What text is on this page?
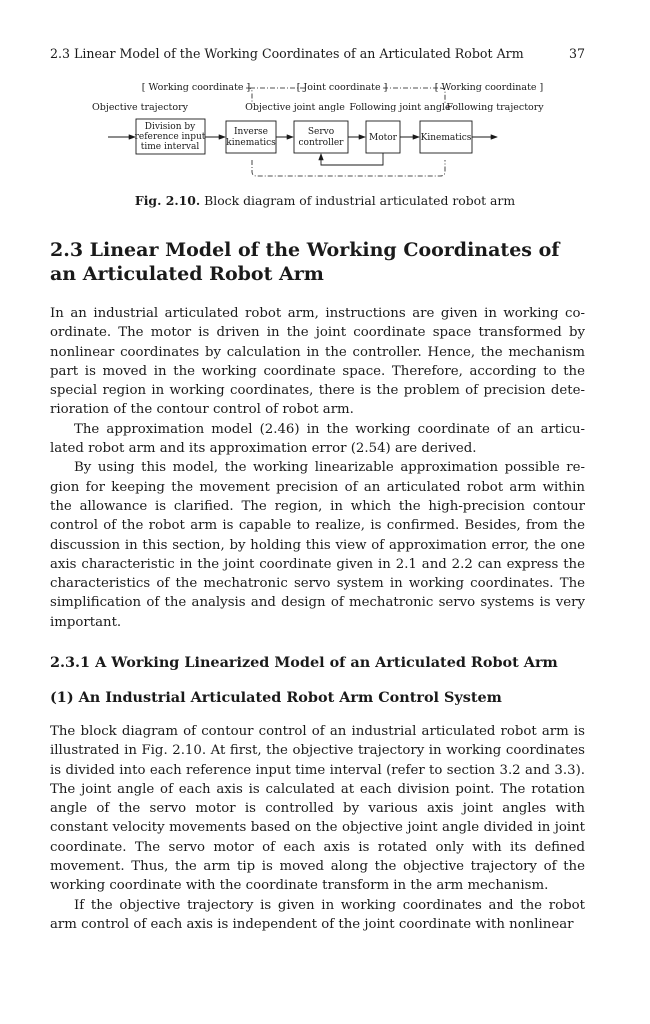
2.3 Linear Model of the Working Coordinates of an Articulated Robot Arm	37
[ Working coordinate ]	[ Joint coordinate ]	[ Working coordinate ]
Objective trajectory	Objective joint angle Following joint angle
Following trajectory
Division by
reference input
time interval
Inverse
kinematics
Servo
controller	Motor	Kinematics
Fig. 2.10. Block diagram of industrial articulated robot arm
2.3 Linear Model of the Working Coordinates of an Articulated Robot Arm

In an industrial articulated robot arm, instructions are given in working co-ordinate. The motor is driven in the joint coordinate space transformed by nonlinear coordinates by calculation in the controller. Hence, the mechanism part is moved in the working coordinate space. Therefore, according to the special region in working coordinates, there is the problem of precision dete-rioration of the contour control of robot arm.

The approximation model (2.46) in the working coordinate of an articu-lated robot arm and its approximation error (2.54) are derived.

By using this model, the working linearizable approximation possible re-gion for keeping the movement precision of an articulated robot arm within the allowance is clarified. The region, in which the high-precision contour control of the robot arm is capable to realize, is confirmed. Besides, from the discussion in this section, by holding this view of approximation error, the one axis characteristic in the joint coordinate given in 2.1 and 2.2 can express the characteristics of the mechatronic servo system in working coordinates. The simplification of the analysis and design of mechatronic servo systems is very important.

2.3.1 A Working Linearized Model of an Articulated Robot Arm
(1) An Industrial Articulated Robot Arm Control System

The block diagram of contour control of an industrial articulated robot arm is illustrated in Fig. 2.10. At first, the objective trajectory in working coordinates is divided into each reference input time interval (refer to section 3.2 and 3.3). The joint angle of each axis is calculated at each division point. The rotation angle of the servo motor is controlled by various axis joint angles with constant velocity movements based on the objective joint angle divided in joint coordinate. The servo motor of each axis is rotated only with its defined movement. Thus, the arm tip is moved along the objective trajectory of the working coordinate with the coordinate transform in the arm mechanism.

If the objective trajectory is given in working coordinates and the robot arm control of each axis is independent of the joint coordinate with nonlinear
